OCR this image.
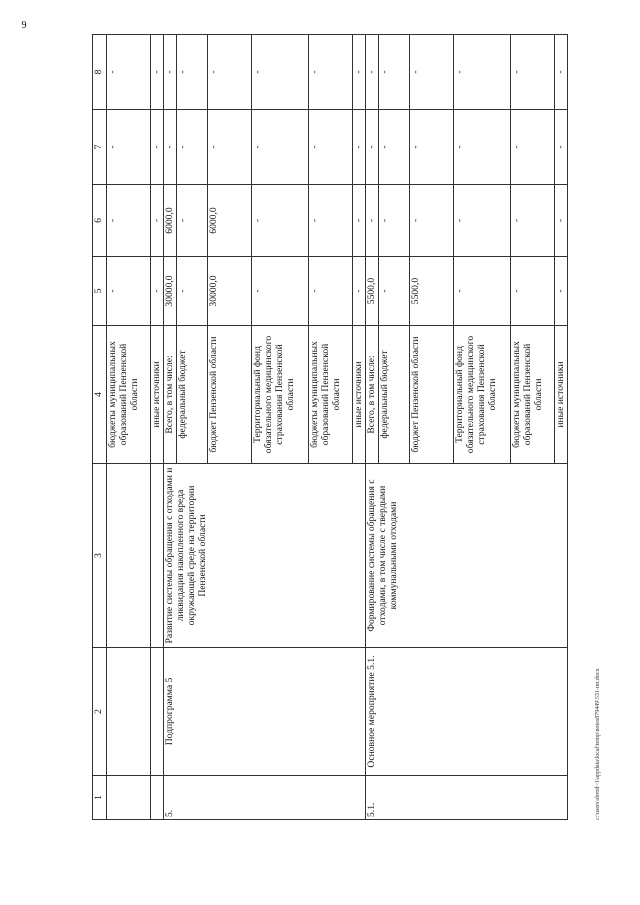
9
1	2	3	4	5	6	7	8
			бюджеты муниципальных образований Пензенской области	-	-	-	-
			иные источники	-	-	-	-
5.	Подпрограмма 5	Развитие системы обращения с отходами и ликвидация накопленного вреда окружающей среде на территории Пензенской области	Всего, в том числе:	30000,0	6000,0	-	-
			федеральный бюджет	-	-	-	-
			бюджет Пензенской области	30000,0	6000,0	-	-
			Территориальный фонд обязательного медицинского страхования Пензенской области	-	-	-	-
			бюджеты муниципальных образований Пензенской области	-	-	-	-
			иные источники	-	-	-	-
5.1.	Основное мероприятие 5.1.	Формирование системы обращения с отходами, в том числе с твердыми коммунальными отходами	Всего, в том числе:	5500,0	-	-	-
			федеральный бюджет	-	-	-	-
			бюджет Пензенской области	5500,0	-	-	-
			Территориальный фонд обязательного медицинского страхования Пензенской области	-	-	-	-
			бюджеты муниципальных образований Пензенской области	-	-	-	-
			иные источники	-	-	-	-
c:\users\sbrod~1\appdata\local\temp\notes879449\531-пп.docx
